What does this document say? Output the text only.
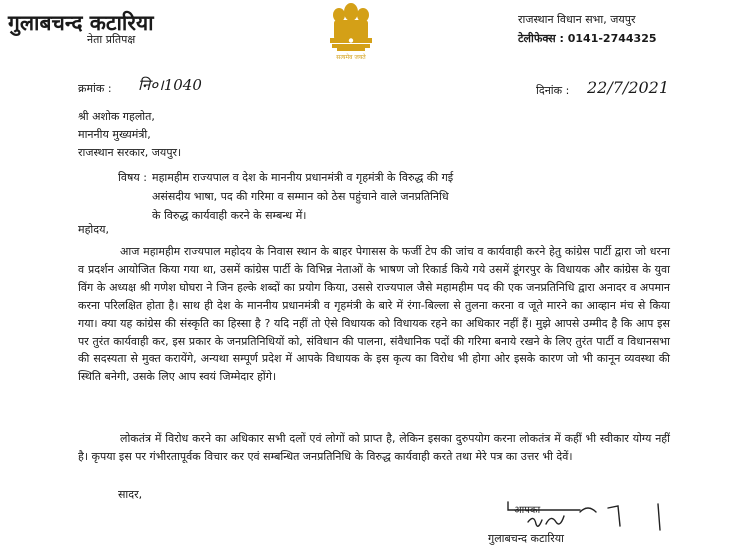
गुलाबचन्द कटारिया
नेता प्रतिपक्ष
सत्यमेव जयते
राजस्थान विधान सभा, जयपुर
टेलीफेक्स : 0141-2744325
क्रमांक : नि०।1040	दिनांक : 22/7/2021
श्री अशोक गहलोत,
माननीय मुख्यमंत्री,
राजस्थान सरकार, जयपुर।
विषय : महामहीम राज्यपाल व देश के माननीय प्रधानमंत्री व गृहमंत्री के विरुद्ध की गई
असंसदीय भाषा, पद की गरिमा व सम्मान को ठेस पहुंचाने वाले जनप्रतिनिधि
के विरुद्ध कार्यवाही करने के सम्बन्ध में।
महोदय,
आज महामहीम राज्यपाल महोदय के निवास स्थान के बाहर पेगासस के फर्जी टेप की जांच व कार्यवाही करने हेतु कांग्रेस पार्टी द्वारा जो धरना व प्रदर्शन आयोजित किया गया था, उसमें कांग्रेस पार्टी के विभिन्न नेताओं के भाषण जो रिकार्ड किये गये उसमें डूंगरपुर के विधायक और कांग्रेस के युवा विंग के अध्यक्ष श्री गणेश घोघरा ने जिन हल्के शब्दों का प्रयोग किया, उससे राज्यपाल जैसे महामहीम पद की एक जनप्रतिनिधि द्वारा अनादर व अपमान करना परिलक्षित होता है। साथ ही देश के माननीय प्रधानमंत्री व गृहमंत्री के बारे में रंगा-बिल्ला से तुलना करना व जूते मारने का आव्हान मंच से किया गया। क्या यह कांग्रेस की संस्कृति का हिस्सा है ? यदि नहीं तो ऐसे विधायक को विधायक रहने का अधिकार नहीं हैं। मुझे आपसे उम्मीद है कि आप इस पर तुरंत कार्यवाही कर, इस प्रकार के जनप्रतिनिधियों को, संविधान की पालना, संवैधानिक पदों की गरिमा बनाये रखने के लिए तुरंत पार्टी व विधानसभा की सदस्यता से मुक्त करायेंगे, अन्यथा सम्पूर्ण प्रदेश में आपके विधायक के इस कृत्य का विरोध भी होगा ओर इसके कारण जो भी कानून व्यवस्था की स्थिति बनेगी, उसके लिए आप स्वयं जिम्मेदार होंगे।
लोकतंत्र में विरोध करने का अधिकार सभी दलों एवं लोगों को प्राप्त है, लेकिन इसका दुरुपयोग करना लोकतंत्र में कहीं भी स्वीकार योग्य नहीं है। कृपया इस पर गंभीरतापूर्वक विचार कर एवं सम्बन्धित जनप्रतिनिधि के विरुद्ध कार्यवाही करते तथा मेरे पत्र का उत्तर भी देवें।
सादर,
आपका
गुलाबचन्द कटारिया
